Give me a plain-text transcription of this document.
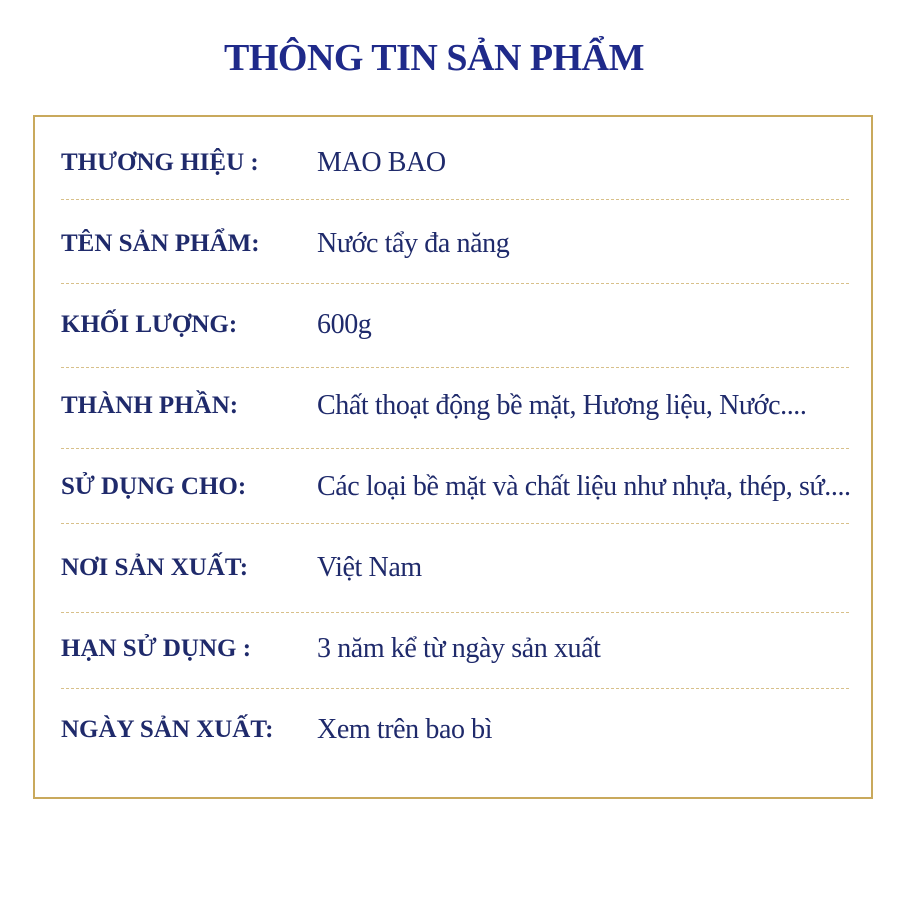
THÔNG TIN SẢN PHẨM
THƯƠNG HIỆU : MAO BAO
TÊN SẢN PHẨM: Nước tẩy đa năng
KHỐI LƯỢNG:	600g
THÀNH PHẦN:	Chất thoạt động bề mặt, Hương liệu, Nước....
SỬ DỤNG CHO:	Các loại bề mặt và chất liệu như nhựa, thép, sứ....
NƠI SẢN XUẤT: Việt Nam
HẠN SỬ DỤNG : 3 năm kể từ ngày sản xuất
NGÀY SẢN XUẤT: Xem trên bao bì
